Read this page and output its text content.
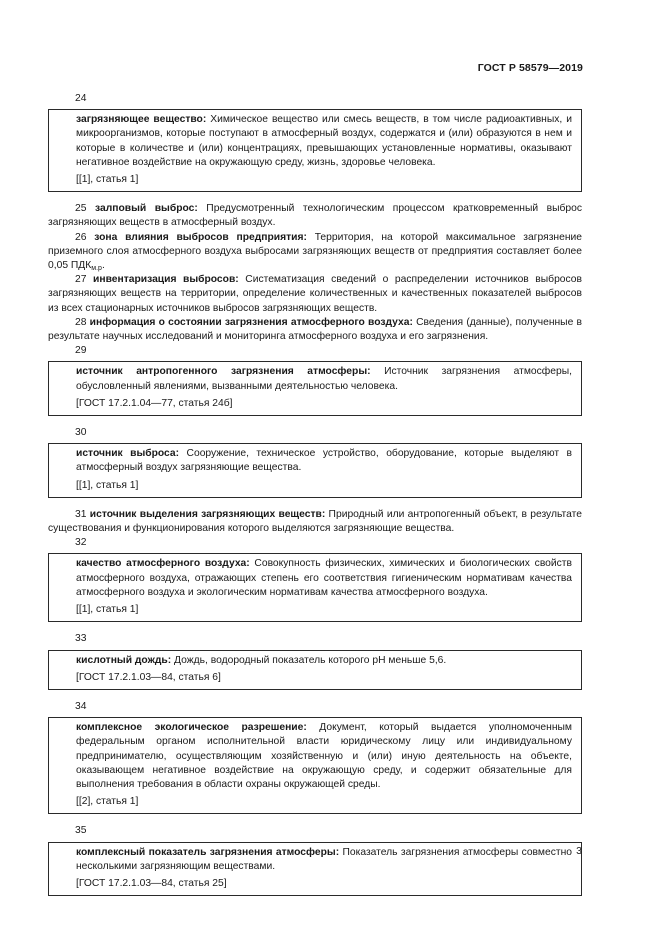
ГОСТ Р 58579—2019
24
загрязняющее вещество: Химическое вещество или смесь веществ, в том числе радиоактивных, и микроорганизмов, которые поступают в атмосферный воздух, содержатся и (или) образуются в нем и которые в количестве и (или) концентрациях, превышающих установленные нормативы, оказывают негативное воздействие на окружающую среду, жизнь, здоровье человека.
[[1], статья 1]
25 залповый выброс: Предусмотренный технологическим процессом кратковременный выброс загрязняющих веществ в атмосферный воздух.
26 зона влияния выбросов предприятия: Территория, на которой максимальное загрязнение приземного слоя атмосферного воздуха выбросами загрязняющих веществ от предприятия составляет более 0,05 $ПДК_{м.р}$.
27 инвентаризация выбросов: Систематизация сведений о распределении источников выбросов загрязняющих веществ на территории, определение количественных и качественных показателей выбросов из всех стационарных источников выбросов загрязняющих веществ.
28 информация о состоянии загрязнения атмосферного воздуха: Сведения (данные), полученные в результате научных исследований и мониторинга атмосферного воздуха и его загрязнения.
29
источник антропогенного загрязнения атмосферы: Источник загрязнения атмосферы, обусловленный явлениями, вызванными деятельностью человека.
[ГОСТ 17.2.1.04—77, статья 24б]
30
источник выброса: Сооружение, техническое устройство, оборудование, которые выделяют в атмосферный воздух загрязняющие вещества.
[[1], статья 1]
31 источник выделения загрязняющих веществ: Природный или антропогенный объект, в результате существования и функционирования которого выделяются загрязняющие вещества.
32
качество атмосферного воздуха: Совокупность физических, химических и биологических свойств атмосферного воздуха, отражающих степень его соответствия гигиеническим нормативам качества атмосферного воздуха и экологическим нормативам качества атмосферного воздуха.
[[1], статья 1]
33
кислотный дождь: Дождь, водородный показатель которого pH меньше 5,6.
[ГОСТ 17.2.1.03—84, статья 6]
34
комплексное экологическое разрешение: Документ, который выдается уполномоченным федеральным органом исполнительной власти юридическому лицу или индивидуальному предпринимателю, осуществляющим хозяйственную и (или) иную деятельность на объекте, оказывающем негативное воздействие на окружающую среду, и содержит обязательные для выполнения требования в области охраны окружающей среды.
[[2], статья 1]
35
комплексный показатель загрязнения атмосферы: Показатель загрязнения атмосферы совместно несколькими загрязняющим веществами.
[ГОСТ 17.2.1.03—84, статья 25]
3
